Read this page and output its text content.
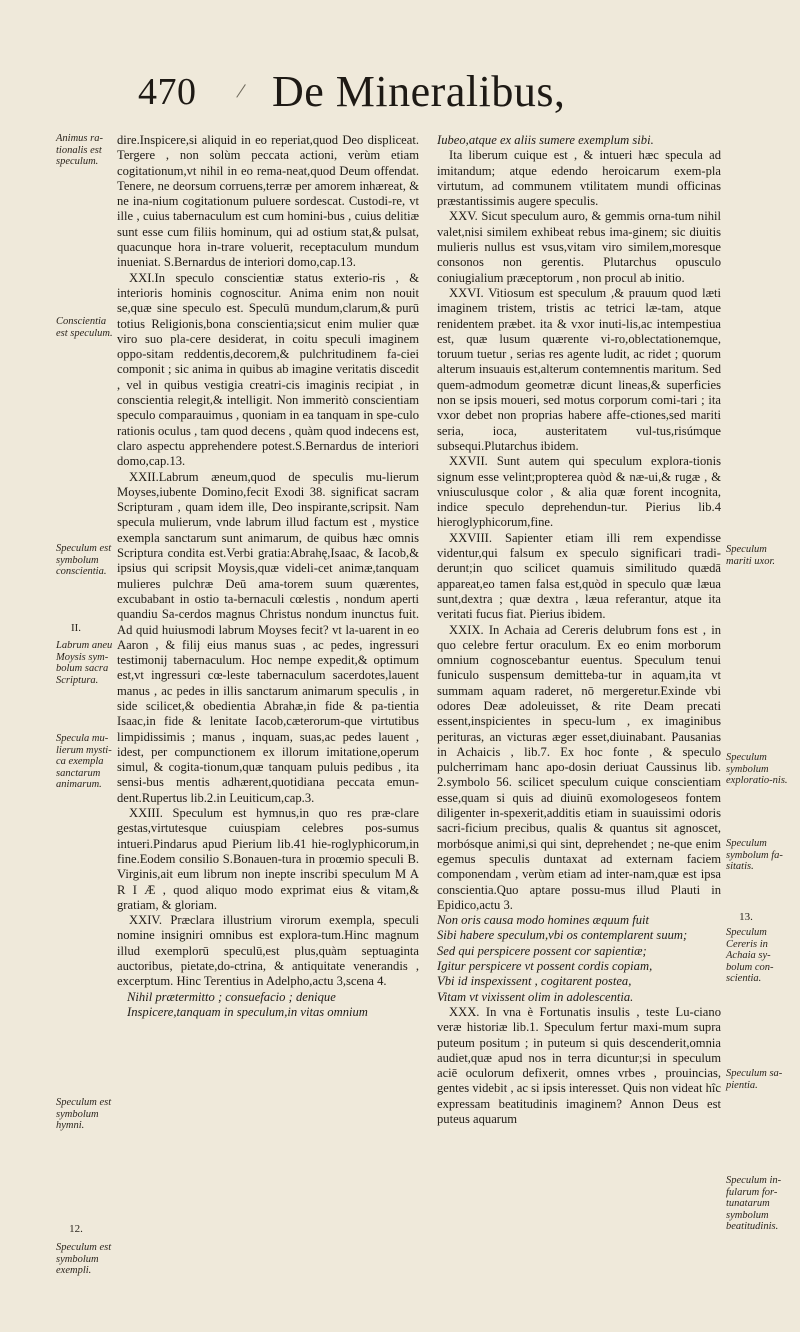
470 / De Mineralibus,
Animus ra-tionalis est speculum.
Conscientia est speculum.
Speculum est symbolum conscientia.
II.
Labrum aneu Moysis sym-bolum sacra Scriptura.
Specula mu-lierum mysti-ca exempla sanctarum animarum.
Speculum est symbolum hymni.
12.
Speculum est symbolum exempli.

dire.Inspicere,si aliquid in eo reperiat,quod Deo displiceat. Tergere , non solùm peccata actioni, verùm etiam cogitationum,vt nihil in eo rema-neat,quod Deum offendat. Tenere, ne deorsum corruens,terræ per amorem inhæreat, & ne ina-nium cogitationum puluere sordescat. Custodi-re, vt ille , cuius tabernaculum est cum homini-bus , cuius delitiæ sunt esse cum filiis hominum, qui ad ostium stat,& pulsat, quacunque hora in-trare voluerit, receptaculum mundum inueniat. S.Bernardus de interiori domo,cap.13.

XXI.In speculo conscientiæ status exterio-ris , & interioris hominis cognoscitur. Anima enim non nouit se,quæ sine speculo est. Speculū mundum,clarum,& purū totius Religionis,bona conscientia;sicut enim mulier quæ viro suo pla-cere desiderat, in coitu speculi imaginem oppo-sitam reddentis,decorem,& pulchritudinem fa-ciei componit ; sic anima in quibus ab imagine veritatis discedit , vel in quibus vestigia creatri-cis imaginis recipiat , in conscientia relegit,& intelligit. Non immeritò conscientiam speculo comparauimus , quoniam in ea tanquam in spe-culo rationis oculus , tam quod decens , quàm quod indecens est, claro aspectu apprehendere potest.S.Bernardus de interiori domo,cap.13.

XXII.Labrum æneum,quod de speculis mu-lierum Moyses,iubente Domino,fecit Exodi 38. significat sacram Scripturam , quam idem ille, Deo inspirante,scripsit. Nam specula mulierum, vnde labrum illud factum est , mystice exempla sanctarum sunt animarum, de quibus hæc omnis Scriptura condita est.Verbi gratia:Abrahę,Isaac, & Iacob,& ipsius qui scripsit Moysis,quæ videli-cet animæ,tanquam mulieres pulchræ Deū ama-torem suum quærentes, excubabant in ostio ta-bernaculi cœlestis , nondum aperti quandiu Sa-cerdos magnus Christus nondum inunctus fuit. Ad quid huiusmodi labrum Moyses fecit? vt la-uarent in eo Aaron , & filij eius manus suas , ac pedes, ingressuri testimonij tabernaculum. Hoc nempe expedit,& optimum est,vt ingressuri cœ-leste tabernaculum sacerdotes,lauent manus , ac pedes in illis sanctarum animarum speculis , in side scilicet,& obedientia Abrahæ,in fide & pa-tientia Isaac,in fide & lenitate Iacob,cæterorum-que virtutibus limpidissimis ; manus , inquam, suas,ac pedes lauent , idest, per compunctionem ex illorum imitatione,operum simul, & cogita-tionum,quæ tanquam puluis pedibus , ita sensi-bus mentis adhærent,quotidiana peccata emun-dent.Rupertus lib.2.in Leuiticum,cap.3.

XXIII. Speculum est hymnus,in quo res præ-clare gestas,virtutesque cuiuspiam celebres pos-sumus intueri.Pindarus apud Pierium lib.41 hie-roglyphicorum,in fine.Eodem consilio S.Bonauen-tura in proœmio speculi B. Virginis,ait eum librum non inepte inscribi speculum M A R I Æ , quod aliquo modo exprimat eius & vitam,& gratiam, & gloriam.

XXIV. Præclara illustrium virorum exempla, speculi nomine insigniri omnibus est explora-tum.Hinc magnum illud exemplorū speculū,est plus,quàm septuaginta auctoribus, pietate,do-ctrina, & antiquitate venerandis , excerptum. Hinc Terentius in Adelpho,actu 3,scena 4.

Nihil prætermitto ; consuefacio ; denique Inspicere,tanquam in speculum,in vitas omnium

Iubeo,atque ex aliis sumere exemplum sibi.

Ita liberum cuique est , & intueri hæc specula ad imitandum; atque edendo heroicarum exem-pla virtutum, ad communem vtilitatem mundi officinas præstantissimis augere speculis.

XXV. Sicut speculum auro, & gemmis orna-tum nihil valet,nisi similem exhibeat rebus ima-ginem; sic diuitis mulieris nullus est vsus,vitam viro similem,moresque consonos non gerentis. Plutarchus opusculo coniugialium præceptorum , non procul ab initio.

XXVI. Vitiosum est speculum ,& prauum quod læti imaginem tristem, tristis ac tetrici læ-tam, atque renidentem præbet. ita & vxor inuti-lis,ac intempestiua est, quæ lusum quærente vi-ro,oblectationemque, toruum tuetur , serias res agente ludit, ac ridet ; quorum alterum insuauis est,alterum contemnentis maritum. Sed quem-admodum geometræ dicunt lineas,& superficies non se ipsis moueri, sed motus corporum comi-tari ; ita vxor debet non proprias habere affe-ctiones,sed mariti seria, ioca, austeritatem vul-tus,risúmque subsequi.Plutarchus ibidem.

XXVII. Sunt autem qui speculum explora-tionis signum esse velint;propterea quòd & næ-ui,& rugæ , & vniusculusque color , & alia quæ forent incognita, indice speculo deprehendun-tur. Pierius lib.4 hieroglyphicorum,fine.

XXVIII. Sapienter etiam illi rem expendisse videntur,qui falsum ex speculo significari tradi-derunt;in quo scilicet quamuis similitudo quædā appareat,eo tamen falsa est,quòd in speculo quæ læua sunt,dextra ; quæ dextra , læua referantur, atque ita veritati fucus fiat. Pierius ibidem.

XXIX. In Achaia ad Cereris delubrum fons est , in quo celebre fertur oraculum. Ex eo enim morborum omnium cognoscebantur euentus. Speculum tenui funiculo suspensum demitteba-tur in aquam,ita vt summam aquam raderet, nō mergeretur.Exinde vbi odores Deæ adoleuisset, & rite Deam precati essent,inspicientes in specu-lum , ex imaginibus perituras, an victuras æger esset,diuinabant. Pausanias in Achaicis , lib.7. Ex hoc fonte , & speculo pulcherrimam hanc apo-dosin deriuat Caussinus lib. 2.symbolo 56. scilicet speculum cuique conscientiam esse,quam si quis ad diuinū exomologeseos fontem diligenter in-spexerit,additis etiam in suauissimi odoris sacri-ficium precibus, qualis & quantus sit agnoscet, morbósque animi,si qui sint, deprehendet ; ne-que enim egemus speculis duntaxat ad externam faciem componendam , verùm etiam ad inter-nam,quæ est ipsa conscientia.Quo aptare possu-mus illud Plauti in Epidico,actu 3.

Non oris causa modo homines æquum fuit

Sibi habere speculum,vbi os contemplarent suum;

Sed qui perspicere possent cor sapientiæ;

Igitur perspicere vt possent cordis copiam,

Vbi id inspexissent , cogitarent postea,

Vitam vt vixissent olim in adolescentia.

XXX. In vna è Fortunatis insulis , teste Lu-ciano veræ historiæ lib.1. Speculum fertur maxi-mum supra puteum positum ; in puteum si quis descenderit,omnia audiet,quæ apud nos in terra dicuntur;si in speculum aciē oculorum defixerit, omnes vrbes , prouincias, gentes videbit , ac si ipsis interesset. Quis non videat hîc expressam beatitudinis imaginem? Annon Deus est puteus aquarum

Speculum mariti uxor.
Speculum symbolum exploratio-nis.
Speculum symbolum fa-sitatis.
13.
Speculum Cereris in Achaia sy-bolum con-scientia.
Speculum sa-pientia.
Speculum in-fularum for-tunatarum symbolum beatitudinis.
